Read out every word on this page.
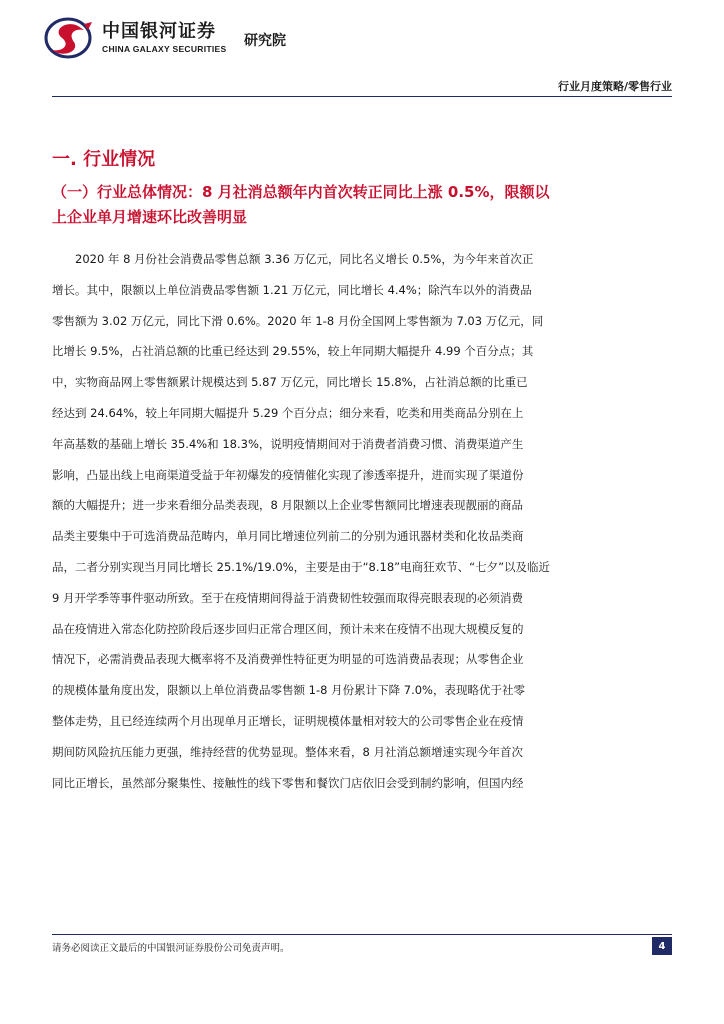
中国银河证券
CHINA GALAXY SECURITIES 研究院
行业月度策略/零售行业
一. 行业情况
（一）行业总体情况：8 月社消总额年内首次转正同比上涨 0.5%，限额以上企业单月增速环比改善明显
　　2020 年 8 月份社会消费品零售总额 3.36 万亿元，同比名义增长 0.5%，为今年来首次正
增长。其中，限额以上单位消费品零售额 1.21 万亿元，同比增长 4.4%；除汽车以外的消费品
零售额为 3.02 万亿元，同比下滑 0.6%。2020 年 1-8 月份全国网上零售额为 7.03 万亿元，同
比增长 9.5%，占社消总额的比重已经达到 29.55%，较上年同期大幅提升 4.99 个百分点；其
中，实物商品网上零售额累计规模达到 5.87 万亿元，同比增长 15.8%，占社消总额的比重已
经达到 24.64%，较上年同期大幅提升 5.29 个百分点；细分来看，吃类和用类商品分别在上
年高基数的基础上增长 35.4%和 18.3%，说明疫情期间对于消费者消费习惯、消费渠道产生
影响，凸显出线上电商渠道受益于年初爆发的疫情催化实现了渗透率提升，进而实现了渠道份
额的大幅提升；进一步来看细分品类表现，8 月限额以上企业零售额同比增速表现靓丽的商品
品类主要集中于可选消费品范畴内，单月同比增速位列前二的分别为通讯器材类和化妆品类商
品，二者分别实现当月同比增长 25.1%/19.0%，主要是由于“8.18”电商狂欢节、“七夕”以及临近
9 月开学季等事件驱动所致。至于在疫情期间得益于消费韧性较强而取得亮眼表现的必须消费
品在疫情进入常态化防控阶段后逐步回归正常合理区间，预计未来在疫情不出现大规模反复的
情况下，必需消费品表现大概率将不及消费弹性特征更为明显的可选消费品表现；从零售企业
的规模体量角度出发，限额以上单位消费品零售额 1-8 月份累计下降 7.0%，表现略优于社零
整体走势，且已经连续两个月出现单月正增长，证明规模体量相对较大的公司零售企业在疫情
期间防风险抗压能力更强，维持经营的优势显现。整体来看，8 月社消总额增速实现今年首次
同比正增长，虽然部分聚集性、接触性的线下零售和餐饮门店依旧会受到制约影响，但国内经
请务必阅读正文最后的中国银河证券股份公司免责声明。	4
